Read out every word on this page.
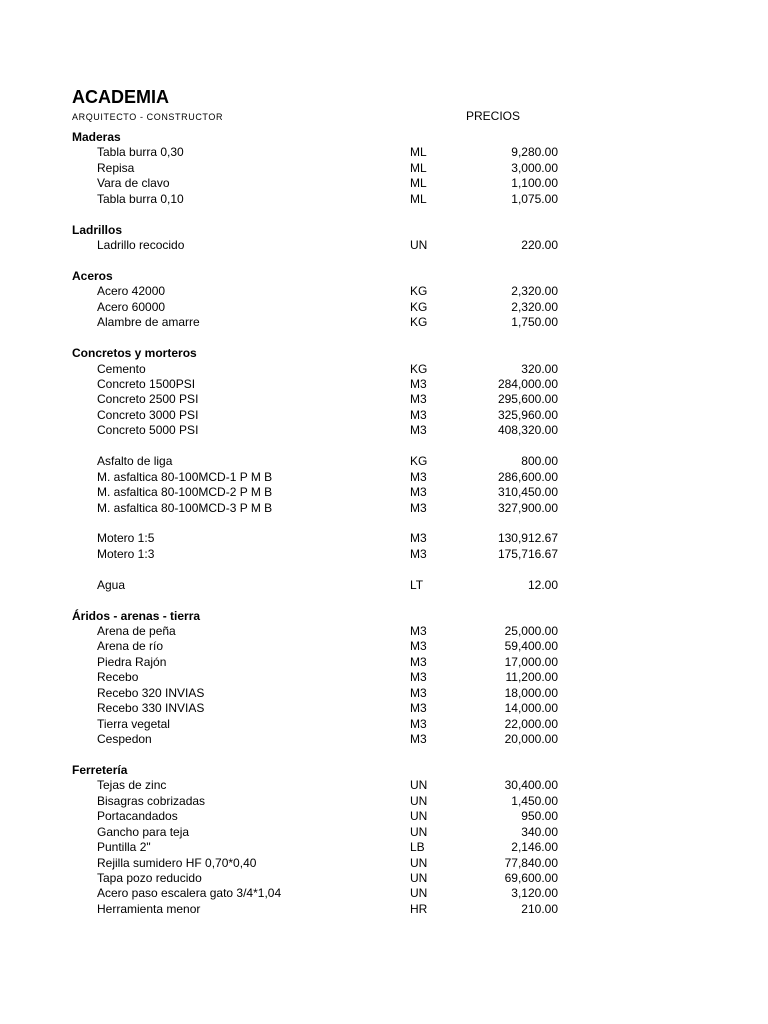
ACADEMIA
ARQUITECTO - CONSTRUCTOR	PRECIOS
Maderas
Tabla burra 0,30	ML	9,280.00
Repisa	ML	3,000.00
Vara de clavo	ML	1,100.00
Tabla burra 0,10	ML	1,075.00
Ladrillos
Ladrillo recocido	UN	220.00
Aceros
Acero 42000	KG	2,320.00
Acero 60000	KG	2,320.00
Alambre de amarre	KG	1,750.00
Concretos y morteros
Cemento	KG	320.00
Concreto 1500PSI	M3	284,000.00
Concreto 2500 PSI	M3	295,600.00
Concreto 3000 PSI	M3	325,960.00
Concreto 5000 PSI	M3	408,320.00
Asfalto de liga	KG	800.00
M. asfaltica 80-100MCD-1 P M B	M3	286,600.00
M. asfaltica 80-100MCD-2 P M B	M3	310,450.00
M. asfaltica 80-100MCD-3 P M B	M3	327,900.00
Motero 1:5	M3	130,912.67
Motero 1:3	M3	175,716.67
Agua	LT	12.00
Áridos - arenas - tierra
Arena de peña	M3	25,000.00
Arena de río	M3	59,400.00
Piedra Rajón	M3	17,000.00
Recebo	M3	11,200.00
Recebo 320 INVIAS	M3	18,000.00
Recebo 330 INVIAS	M3	14,000.00
Tierra vegetal	M3	22,000.00
Cespedon	M3	20,000.00
Ferretería
Tejas de zinc	UN	30,400.00
Bisagras cobrizadas	UN	1,450.00
Portacandados	UN	950.00
Gancho para teja	UN	340.00
Puntilla 2"	LB	2,146.00
Rejilla sumidero HF 0,70*0,40	UN	77,840.00
Tapa pozo reducido	UN	69,600.00
Acero paso escalera gato 3/4*1,04	UN	3,120.00
Herramienta menor	HR	210.00
